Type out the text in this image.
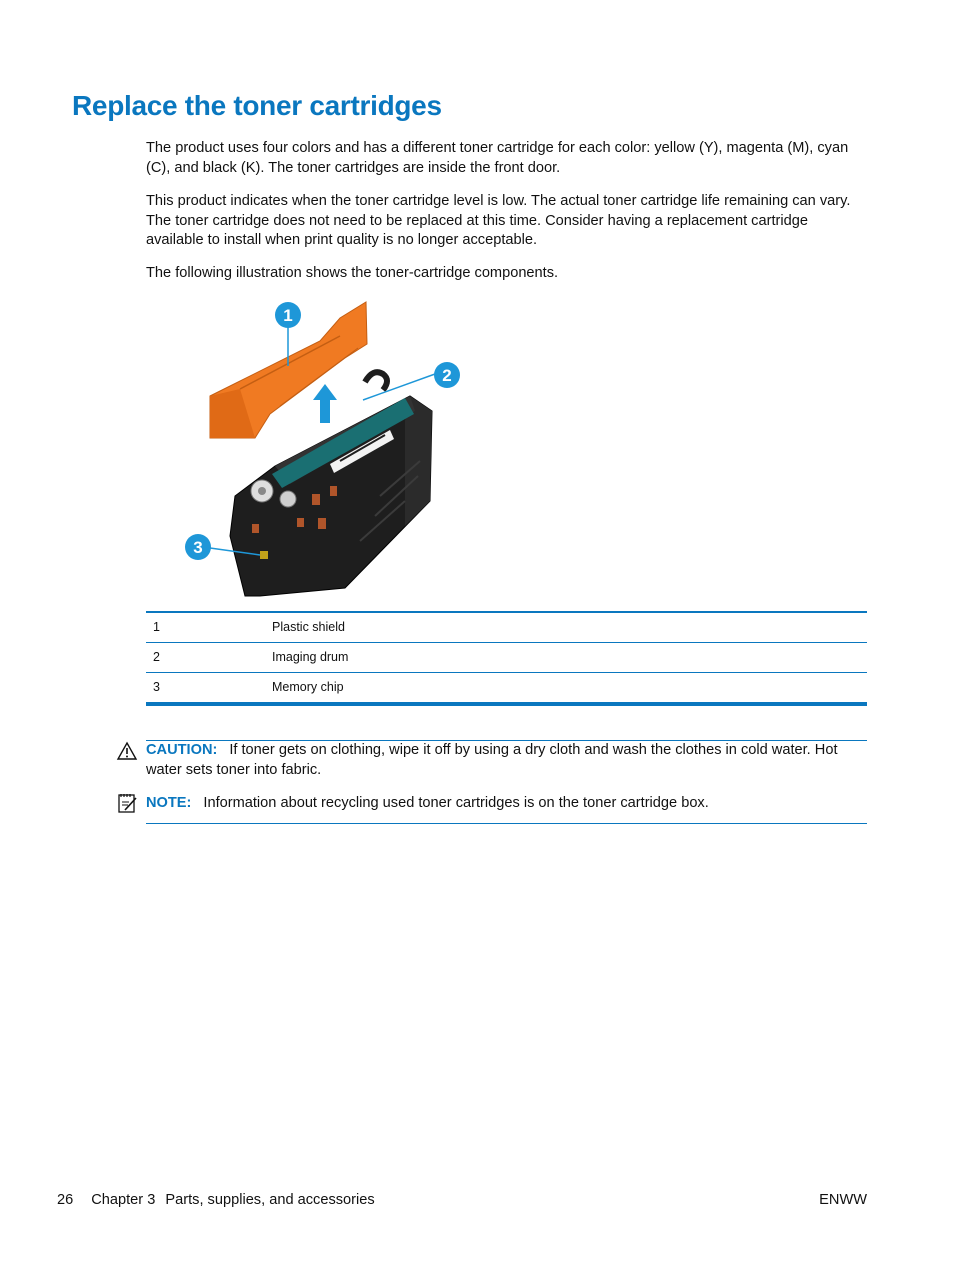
Replace the toner cartridges

The product uses four colors and has a different toner cartridge for each color: yellow (Y), magenta (M), cyan (C), and black (K). The toner cartridges are inside the front door.

This product indicates when the toner cartridge level is low. The actual toner cartridge life remaining can vary. The toner cartridge does not need to be replaced at this time. Consider having a replacement cartridge available to install when print quality is no longer acceptable.

The following illustration shows the toner-cartridge components.

1
2
3
1	Plastic shield
2	Imaging drum
3	Memory chip
CAUTION: If toner gets on clothing, wipe it off by using a dry cloth and wash the clothes in cold water. Hot water sets toner into fabric.
NOTE: Information about recycling used toner cartridges is on the toner cartridge box.
26 Chapter 3 Parts, supplies, and accessories	ENWW
